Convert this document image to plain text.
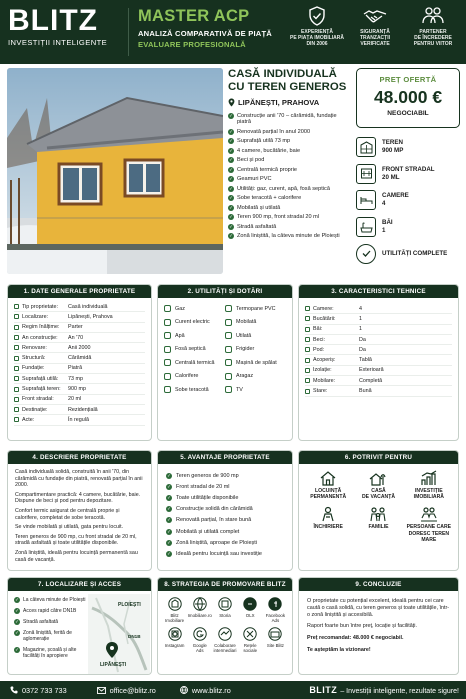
BLITZ
INVESTIȚII INTELIGENTE
MASTER ACP
ANALIZĂ COMPARATIVĂ DE PIAȚĂ
EVALUARE PROFESIONALĂ
EXPERIENȚĂ
PE PIAȚA IMOBILIARĂ
DIN 2006
SIGURANȚĂ
TRANZACȚII
VERIFICATE
PARTENER
DE ÎNCREDERE
PENTRU VIITOR
CASĂ INDIVIDUALĂ
CU TEREN GENEROS
LIPĂNEȘTI, PRAHOVA
✓ Construcție anii '70 – cărămidă, fundație piatră
✓ Renovată parțial în anul 2000
✓ Suprafață utilă 73 mp
✓ 4 camere, bucătărie, baie
✓ Beci și pod
✓ Centrală termică proprie
✓ Geamuri PVC
✓ Utilități: gaz, curent, apă, fosă septică
✓ Sobe teracotă + calorifere
✓ Mobilată și utilată
✓ Teren 900 mp, front stradal 20 ml
✓ Stradă asfaltată
✓ Zonă liniștită, la câteva minute de Ploiești
PREȚ OFERTĂ
48.000 €
NEGOCIABIL
TEREN
900 MP
FRONT STRADAL
20 ML
CAMERE
4
BĂI
1
UTILITĂȚI COMPLETE
1. DATE GENERALE PROPRIETATE
Tip proprietate: Casă individuală
Localizare:	Lipănești, Prahova
Regim înălțime: Parter
An construcție: An '70
Renovare:	Anii 2000
Structură:	Cărămidă
Fundație:	Piatră
Suprafață utilă: 73 mp
Suprafață teren: 900 mp
Front stradal:	20 ml
Destinație:	Rezidențială
Acte:	În regulă
2. UTILITĂȚI ȘI DOTĂRI
Gaz	Termopane PVC
Curent electric	Mobilată
Apă	Utilată
Fosă septică	Frigider
Centrală termică	Mașină de spălat
Calorifere	Aragaz
Sobe teracotă	TV
3. CARACTERISTICI TEHNICE
Camere:	4
Bucătării:	1
Băi:	1
Beci:	Da
Pod:	Da
Acoperiș:	Tablă
Izolație:	Exterioară
Mobilare:	Completă
Stare:	Bună
4. DESCRIERE PROPRIETATE

Casă individuală solidă, construită în anii '70, din cărămidă cu fundație din piatră, renovată parțial în anii 2000.

Compartimentare practică: 4 camere, bucătărie, baie. Dispune de beci și pod pentru depozitare.

Confort termic asigurat de centrală proprie și calorifere, completat de sobe teracotă.

Se vinde mobilată și utilată, gata pentru locuit.

Teren generos de 900 mp, cu front stradal de 20 ml, stradă asfaltată și toate utilitățile disponibile.

Zonă liniștită, ideală pentru locuință permanentă sau casă de vacanță.

5. AVANTAJE PROPRIETATE
✓ Teren generos de 900 mp
✓ Front stradal de 20 ml
✓ Toate utilitățile disponibile
✓ Construcție solidă din cărămidă
✓ Renovată parțial, în stare bună
✓ Mobilată și utilată complet
✓ Zonă liniștită, aproape de Ploiești
✓ Ideală pentru locuință sau investiție
6. POTRIVIT PENTRU
LOCUINȚĂ
PERMANENTĂ
CASĂ
DE VACANȚĂ
INVESTIȚIE
IMOBILIARĂ
ÎNCHIRIERE	FAMILIE	PERSOANE CARE
DORESC TEREN MARE
7. LOCALIZARE ȘI ACCES
✓ La câteva minute de Ploiești
✓ Acces rapid către DN1B
✓ Stradă asfaltată
✓ Zonă liniștită, ferită de aglomerație
✓ Magazine, școală și alte facilități în apropiere
PLOIEȘTI
DN1B
LIPĂNEȘTI
8. STRATEGIA DE PROMOVARE BLITZ
Blitz
Imobiliare
Imobiliare.ro	Storia	OLX	Facebook
Ads
Instagram	Google
Ads
Colaborare
intermediari
Rețele
sociale
Site Blitz
9. CONCLUZIE

O proprietate cu potențial excelent, ideală pentru cei care caută o casă solidă, cu teren generos și toate utilitățile, într-o zonă liniștită și accesibilă.

Raport foarte bun între preț, locație și facilități.

Preț recomandat: 48.000 € negociabil.

Te așteptăm la vizionare!

0372 733 733	office@blitz.ro	www.blitz.ro	BLITZ – Investiții inteligente, rezultate sigure!
